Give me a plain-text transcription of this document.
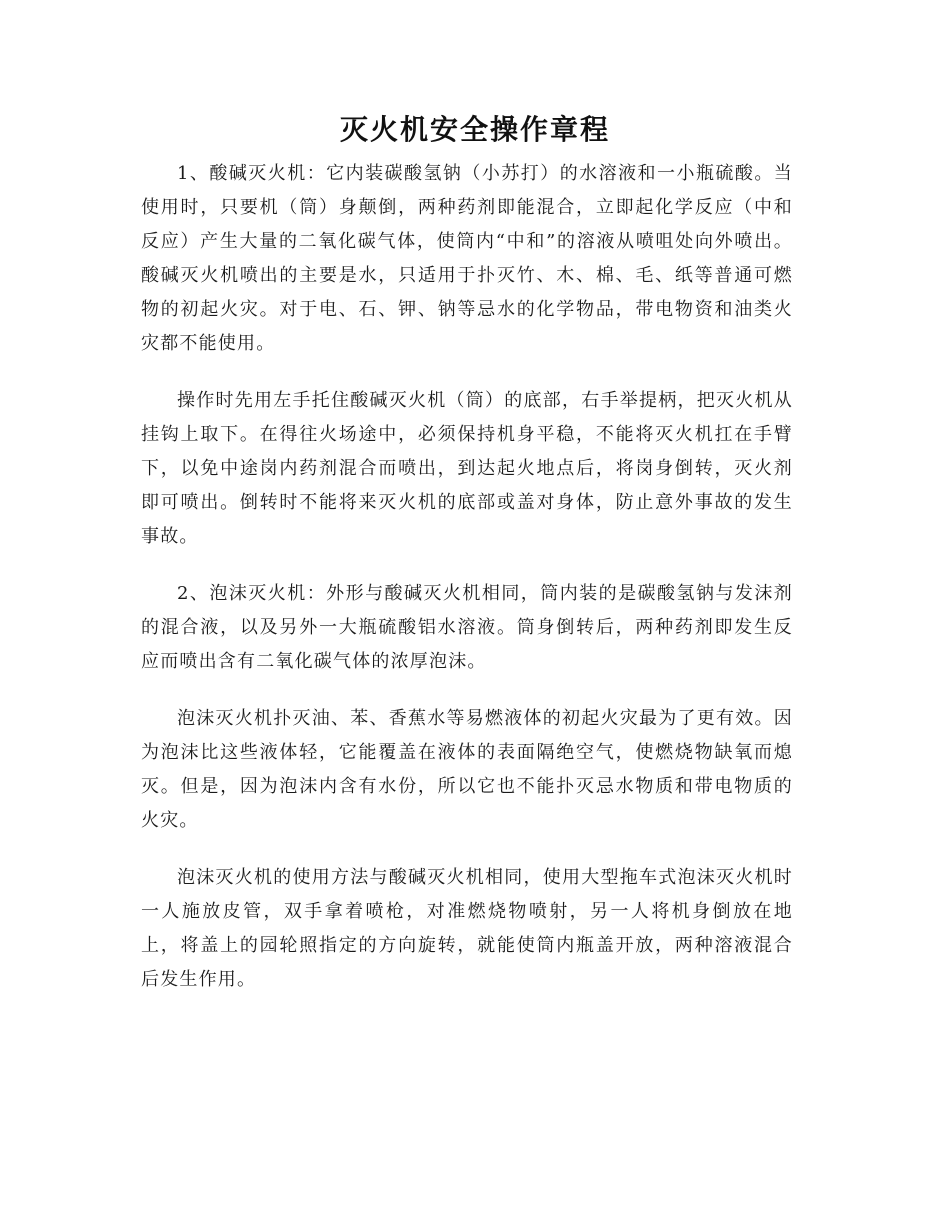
灭火机安全操作章程

1、酸碱灭火机：它内装碳酸氢钠（小苏打）的水溶液和一小瓶硫酸。当使用时，只要机（筒）身颠倒，两种药剂即能混合，立即起化学反应（中和反应）产生大量的二氧化碳气体，使筒内“中和”的溶液从喷咀处向外喷出。酸碱灭火机喷出的主要是水，只适用于扑灭竹、木、棉、毛、纸等普通可燃物的初起火灾。对于电、石、钾、钠等忌水的化学物品，带电物资和油类火灾都不能使用。

操作时先用左手托住酸碱灭火机（筒）的底部，右手举提柄，把灭火机从挂钩上取下。在得往火场途中，必须保持机身平稳，不能将灭火机扛在手臂下，以免中途岗内药剂混合而喷出，到达起火地点后，将岗身倒转，灭火剂即可喷出。倒转时不能将来灭火机的底部或盖对身体，防止意外事故的发生事故。

2、泡沫灭火机：外形与酸碱灭火机相同，筒内装的是碳酸氢钠与发沫剂的混合液，以及另外一大瓶硫酸铝水溶液。筒身倒转后，两种药剂即发生反应而喷出含有二氧化碳气体的浓厚泡沫。

泡沫灭火机扑灭油、苯、香蕉水等易燃液体的初起火灾最为了更有效。因为泡沫比这些液体轻，它能覆盖在液体的表面隔绝空气，使燃烧物缺氧而熄灭。但是，因为泡沫内含有水份，所以它也不能扑灭忌水物质和带电物质的火灾。

泡沫灭火机的使用方法与酸碱灭火机相同，使用大型拖车式泡沫灭火机时一人施放皮管，双手拿着喷枪，对准燃烧物喷射，另一人将机身倒放在地上，将盖上的园轮照指定的方向旋转，就能使筒内瓶盖开放，两种溶液混合后发生作用。
